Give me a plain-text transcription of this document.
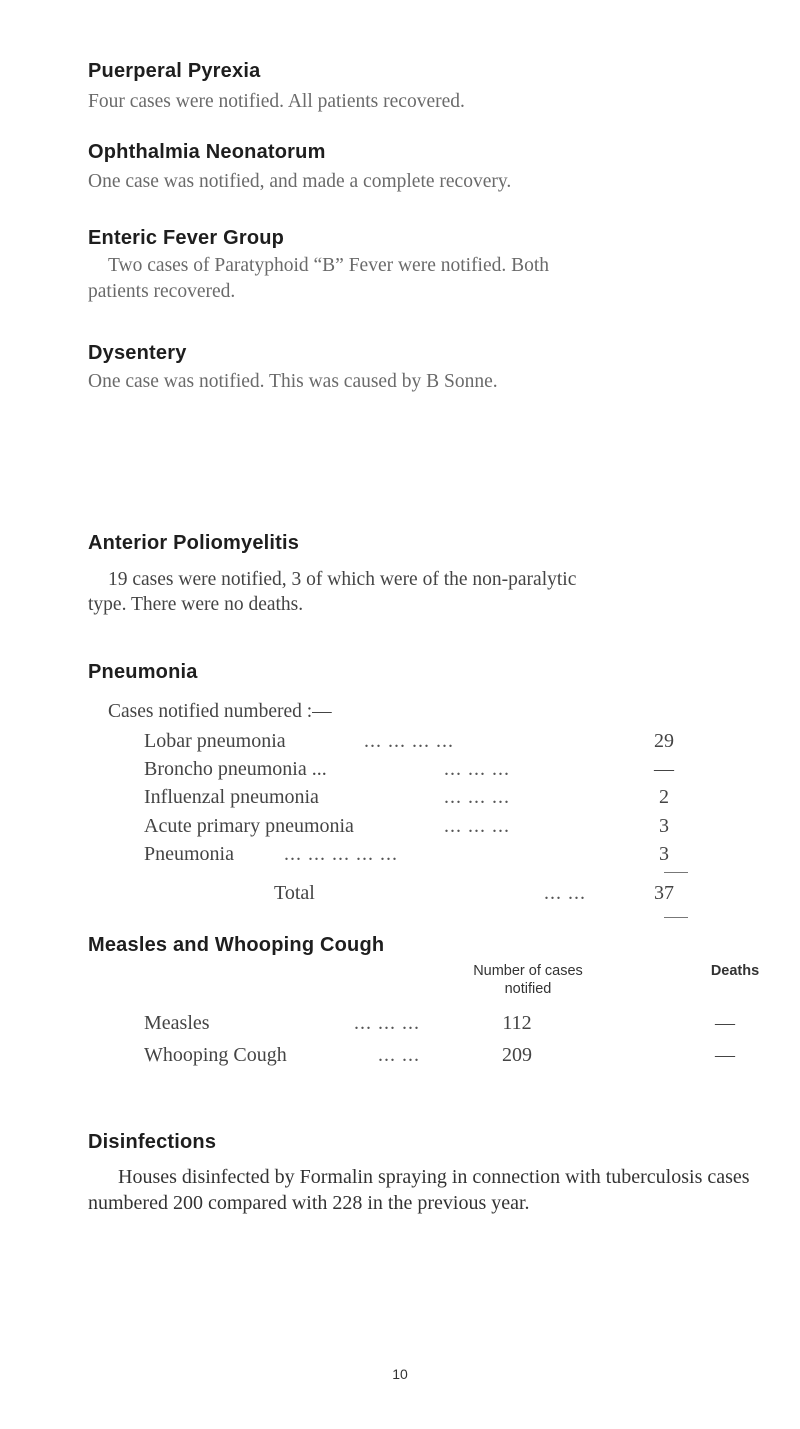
Puerperal Pyrexia
Four cases were notified. All patients recovered.
Ophthalmia Neonatorum
One case was notified, and made a complete recovery.
Enteric Fever Group
Two cases of Paratyphoid “B” Fever were notified. Both
patients recovered.
Dysentery
One case was notified. This was caused by B Sonne.
Anterior Poliomyelitis
19 cases were notified, 3 of which were of the non-paralytic
type. There were no deaths.
Pneumonia
Cases notified numbered :—
Lobar pneumonia	... ... ... ...	29
Broncho pneumonia ...	... ... ...	—
Influenzal pneumonia	... ... ...	2
Acute primary pneumonia	... ... ...	3
Pneumonia	... ... ... ... ...	3
Total	... ...	37
Measles and Whooping Cough
Number of cases notified
Deaths
Measles	... ... ...	112	—
Whooping Cough	... ...	209	—
Disinfections
Houses disinfected by Formalin spraying in connection with tuberculosis cases numbered 200 compared with 228 in the previous year.
10
